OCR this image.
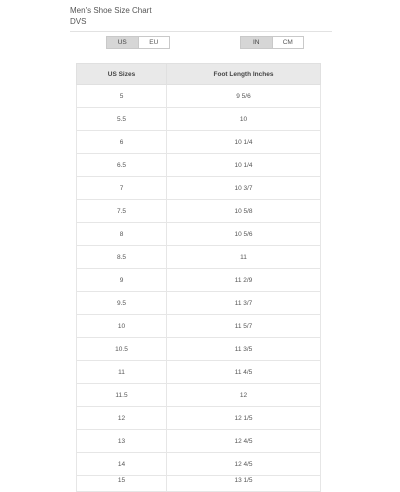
Men's Shoe Size Chart
DVS
US	EU	IN	CM
US Sizes	Foot Length Inches
5	9 5/6
5.5	10
6	10 1/4
6.5	10 1/4
7	10 3/7
7.5	10 5/8
8	10 5/6
8.5	11
9	11 2/9
9.5	11 3/7
10	11 5/7
10.5	11 3/5
11	11 4/5
11.5	12
12	12 1/5
13	12 4/5
14	12 4/5
15	13 1/5
